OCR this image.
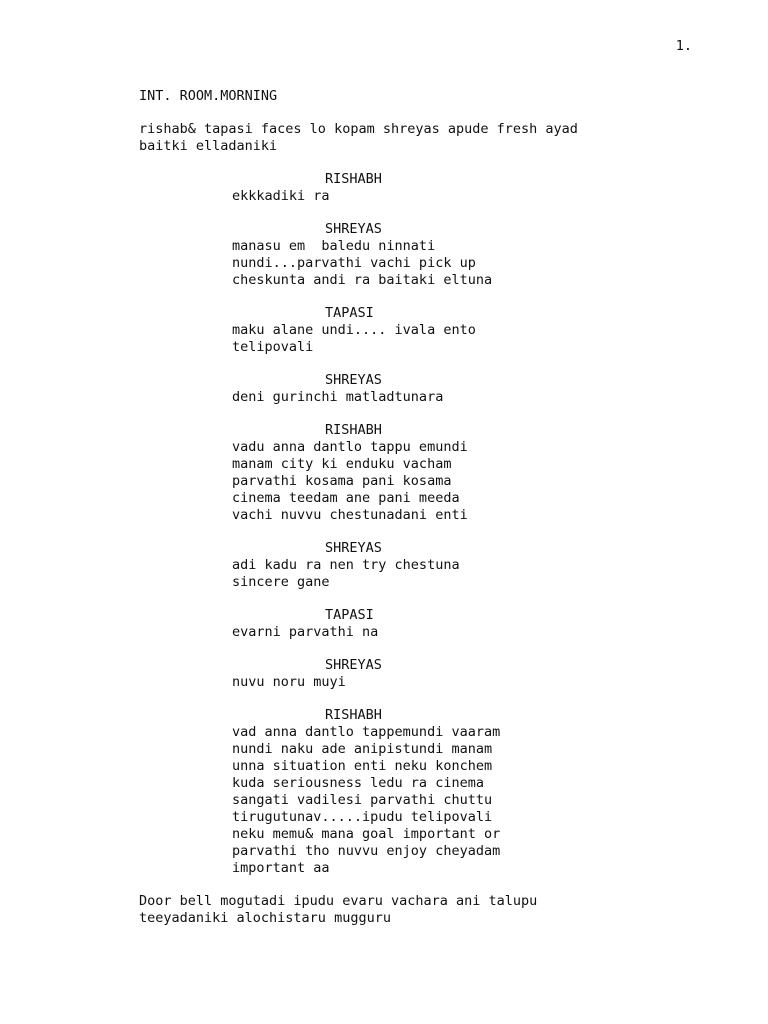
1.
INT. ROOM.MORNING
rishab& tapasi faces lo kopam shreyas apude fresh ayad
baitki elladaniki
RISHABH
ekkkadiki ra
SHREYAS
manasu em  baledu ninnati
nundi...parvathi vachi pick up
cheskunta andi ra baitaki eltuna
TAPASI
maku alane undi.... ivala ento
telipovali
SHREYAS
deni gurinchi matladtunara
RISHABH
vadu anna dantlo tappu emundi
manam city ki enduku vacham
parvathi kosama pani kosama
cinema teedam ane pani meeda
vachi nuvvu chestunadani enti
SHREYAS
adi kadu ra nen try chestuna
sincere gane
TAPASI
evarni parvathi na
SHREYAS
nuvu noru muyi
RISHABH
vad anna dantlo tappemundi vaaram
nundi naku ade anipistundi manam
unna situation enti neku konchem
kuda seriousness ledu ra cinema
sangati vadilesi parvathi chuttu
tirugutunav.....ipudu telipovali
neku memu& mana goal important or
parvathi tho nuvvu enjoy cheyadam
important aa
Door bell mogutadi ipudu evaru vachara ani talupu
teeyadaniki alochistaru mugguru
